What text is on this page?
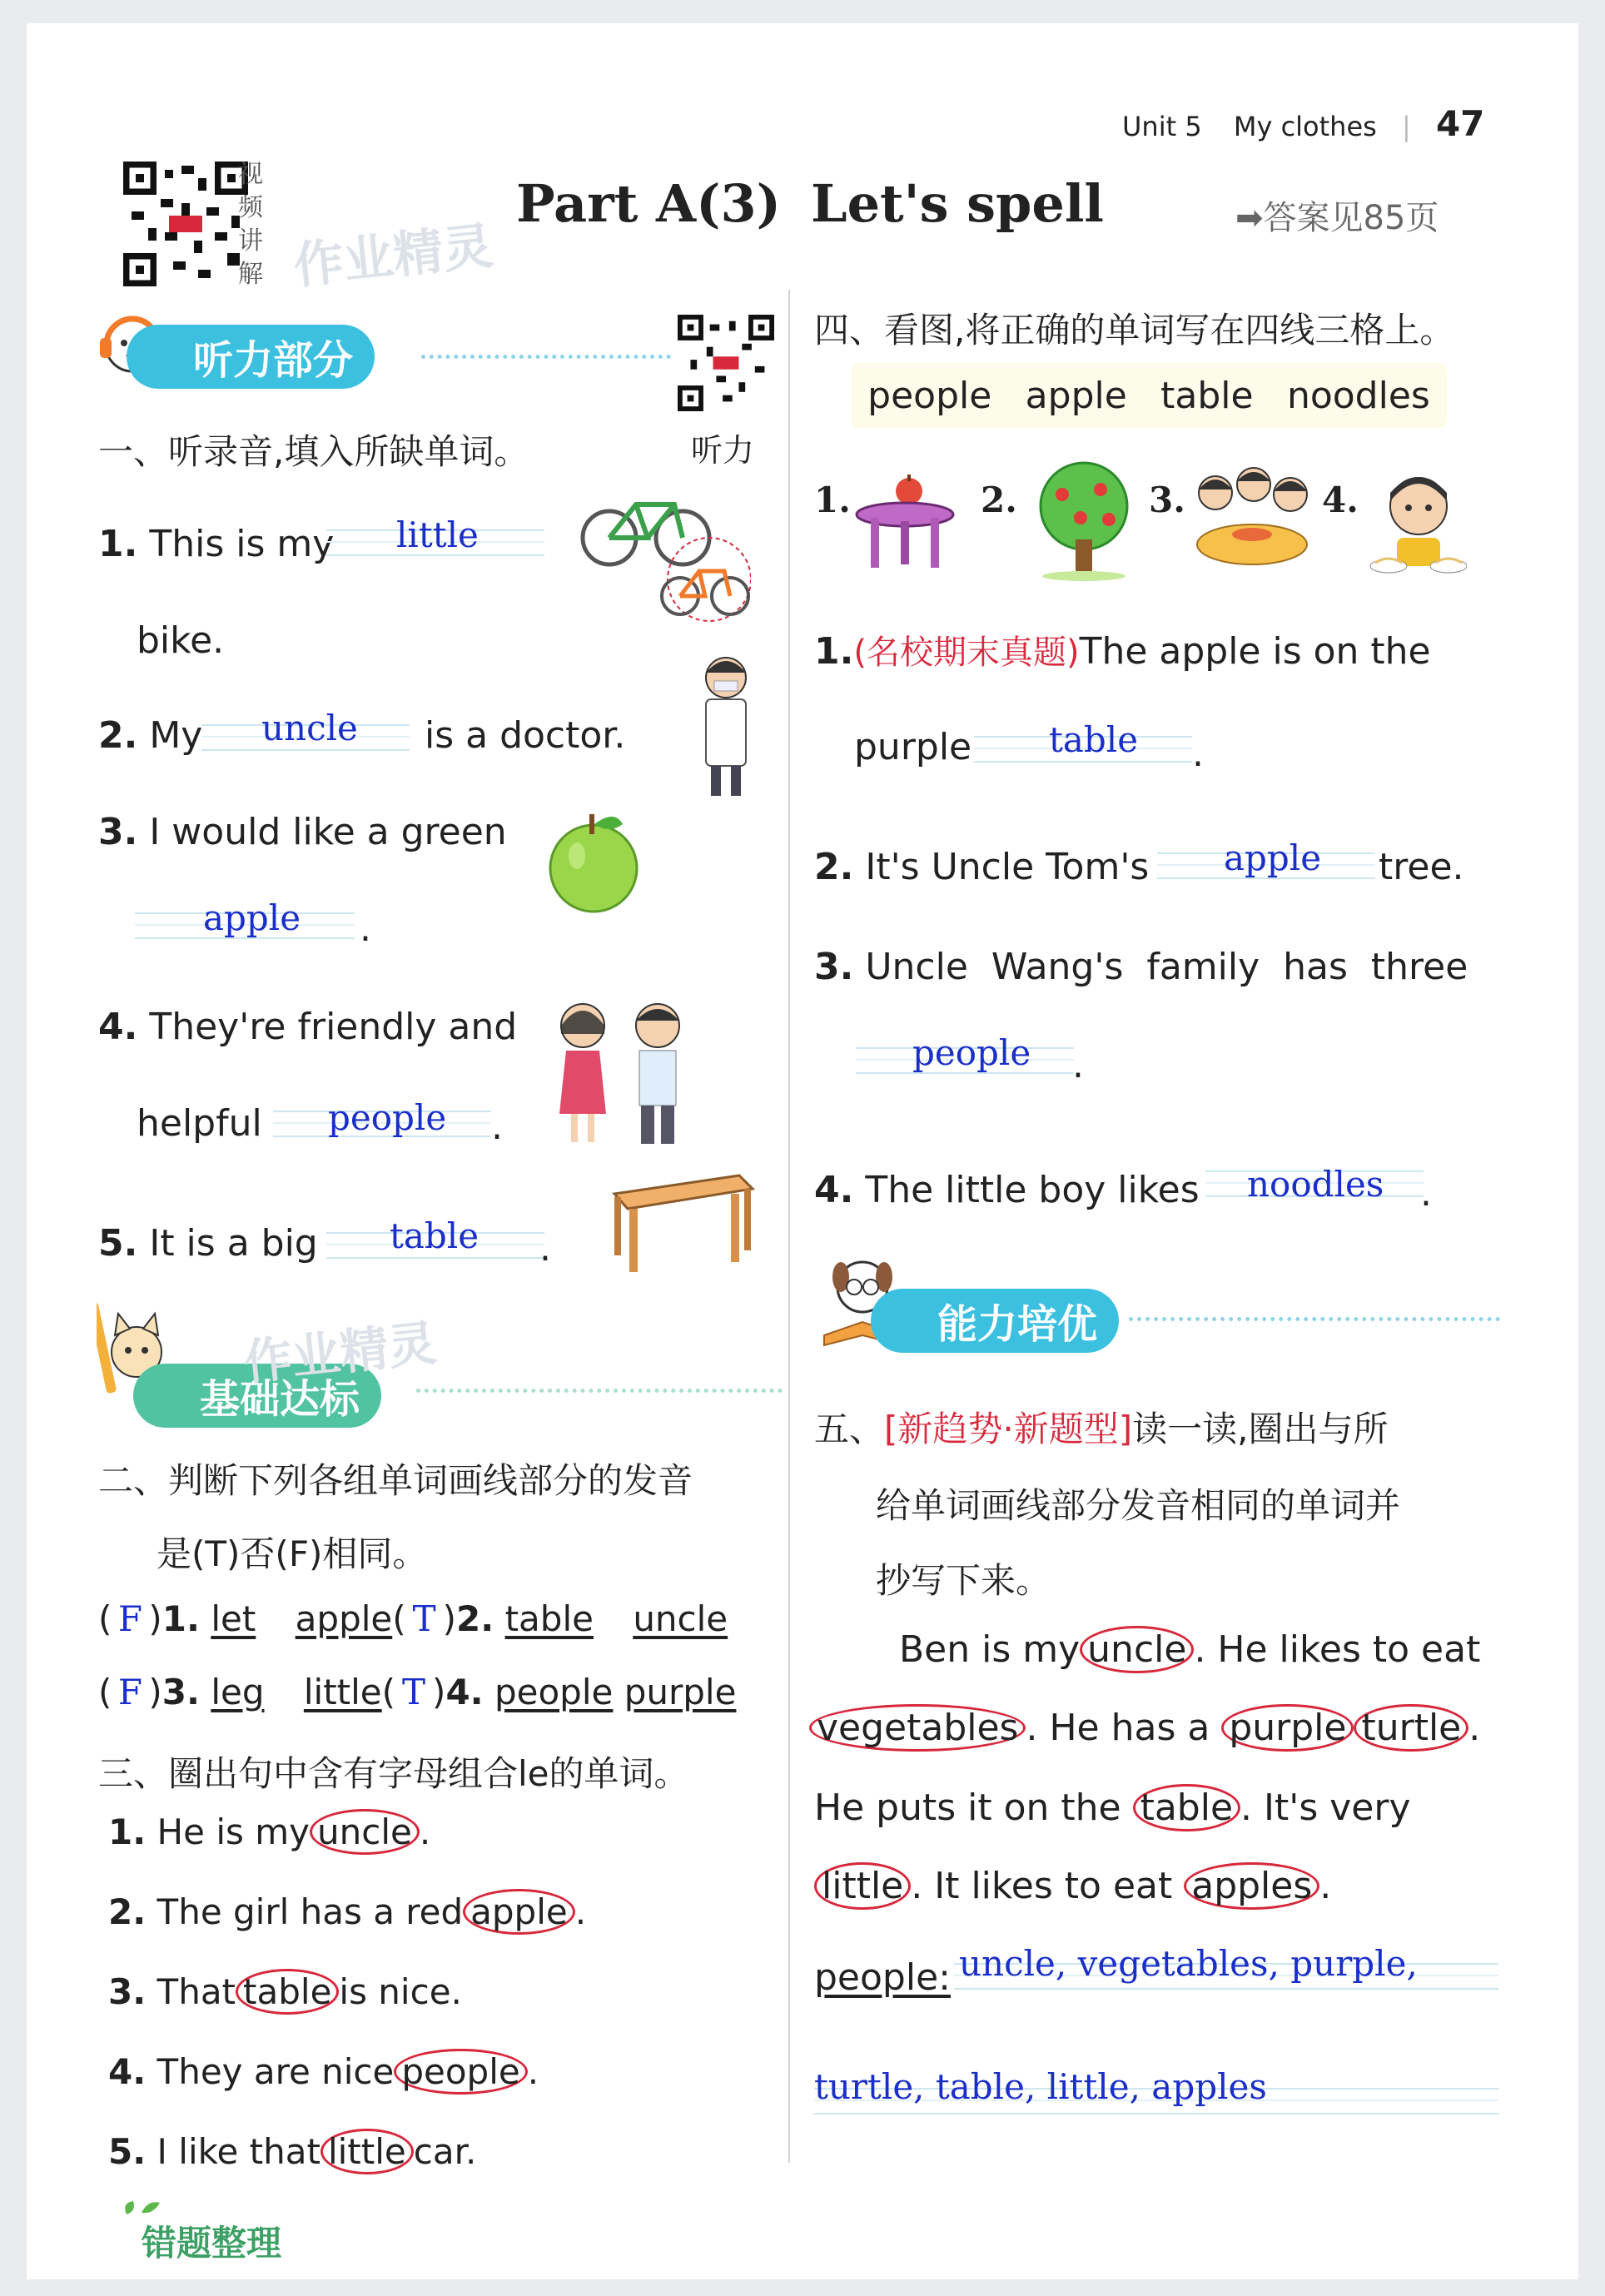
Unit 5 My clothes | 47
视频讲解 作业精灵
Part A(3) Let's spell	➡答案见85页
听力部分
听力
一、听录音,填入所缺单词。
1. This is my little
bike.
2. My uncle is a doctor.
3. I would like a green
apple .
4. They're friendly and
helpful people .
5. It is a big table .
基础达标
作业精灵
二、判断下列各组单词画线部分的发音
是(T)否(F)相同。
( F )1. let apple( T )2. table uncle
( F )3. leg little( T )4. people purple
三、圈出句中含有字母组合le的单词。
1. He is my uncle .
2. The girl has a red apple .
3. That table is nice.
4. They are nice people .
5. I like that little car.
错题整理
四、看图,将正确的单词写在四线三格上。
people apple table noodles
1.	2.	3.	4.
1.(名校期末真题)The apple is on the
purple table .
2. It's Uncle Tom's apple tree.
3. Uncle  Wang's  family  has  three
people .
4. The little boy likes noodles .
能力培优
五、[新趋势·新题型]读一读,圈出与所
给单词画线部分发音相同的单词并
抄写下来。
Ben is my uncle . He likes to eat
vegetables . He has a purple turtle .
He puts it on the table . It's very
little . It likes to eat apples .
people: uncle, vegetables, purple,
turtle, table, little, apples
